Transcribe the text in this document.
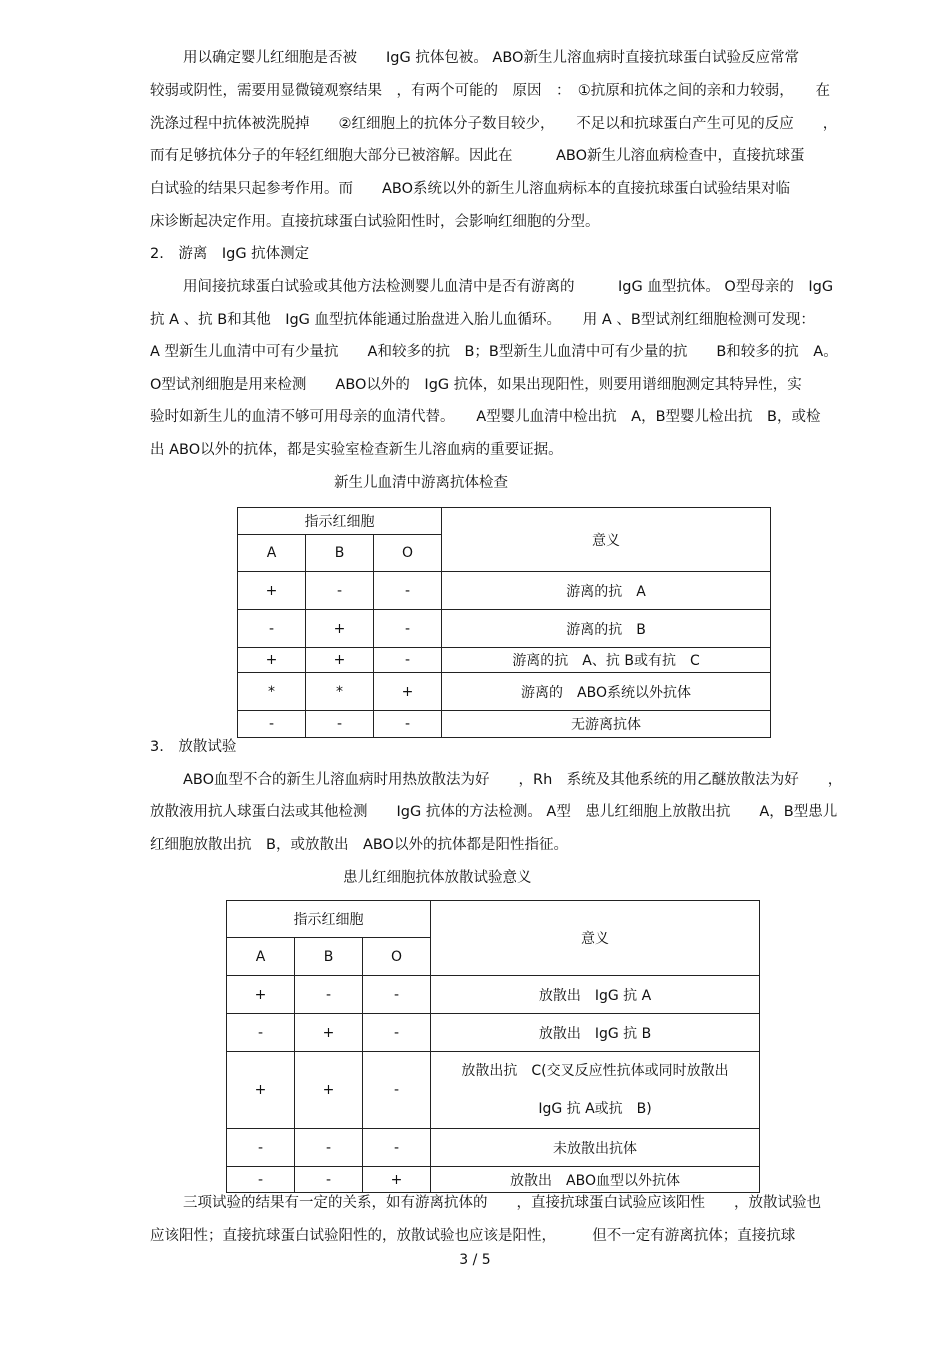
用以确定婴儿红细胞是否被　　IgG 抗体包被。 ABO新生儿溶血病时直接抗球蛋白试验反应常常
较弱或阴性，需要用显微镜观察结果　，有两个可能的　原因　：　①抗原和抗体之间的亲和力较弱，　　在
洗涤过程中抗体被洗脱掉　　②红细胞上的抗体分子数目较少，　　不足以和抗球蛋白产生可见的反应　　，
而有足够抗体分子的年轻红细胞大部分已被溶解。因此在　　　ABO新生儿溶血病检查中，直接抗球蛋
白试验的结果只起参考作用。而　　ABO系统以外的新生儿溶血病标本的直接抗球蛋白试验结果对临
床诊断起决定作用。直接抗球蛋白试验阳性时，会影响红细胞的分型。
2.　游离　IgG 抗体测定
用间接抗球蛋白试验或其他方法检测婴儿血清中是否有游离的　　　IgG 血型抗体。 O型母亲的　IgG
抗 A 、抗 B和其他　IgG 血型抗体能通过胎盘进入胎儿血循环。　　用 A 、B型试剂红细胞检测可发现：
A 型新生儿血清中可有少量抗　　A和较多的抗　B；B型新生儿血清中可有少量的抗　　B和较多的抗　A。
O型试剂细胞是用来检测　　ABO以外的　IgG 抗体，如果出现阳性，则要用谱细胞测定其特异性，实
验时如新生儿的血清不够可用母亲的血清代替。　　A型婴儿血清中检出抗　A，B型婴儿检出抗　B，或检
出 ABO以外的抗体，都是实验室检查新生儿溶血病的重要证据。
新生儿血清中游离抗体检查
指示红细胞			意义
A	B	O	
+	-	-	游离的抗　A
-	+	-	游离的抗　B
+	+	-	游离的抗　A、抗 B或有抗　C
*	*	+	游离的　ABO系统以外抗体
-	-	-	无游离抗体
3.　放散试验
ABO血型不合的新生儿溶血病时用热放散法为好　　，Rh　系统及其他系统的用乙醚放散法为好　　，
放散液用抗人球蛋白法或其他检测　　IgG 抗体的方法检测。 A型　患儿红细胞上放散出抗　　A，B型患儿
红细胞放散出抗　B，或放散出　ABO以外的抗体都是阳性指征。
患儿红细胞抗体放散试验意义
指示红细胞			意义
A	B	O	
+	-	-	放散出　IgG 抗 A
-	+	-	放散出　IgG 抗 B
+	+	-	放散出抗　C(交叉反应性抗体或同时放散出
IgG 抗 A或抗　B)

-	-	-	未放散出抗体
-	-	+	放散出　ABO血型以外抗体
三项试验的结果有一定的关系，如有游离抗体的　　，直接抗球蛋白试验应该阳性　　，放散试验也
应该阳性；直接抗球蛋白试验阳性的，放散试验也应该是阳性，　　　但不一定有游离抗体；直接抗球
3 / 5
